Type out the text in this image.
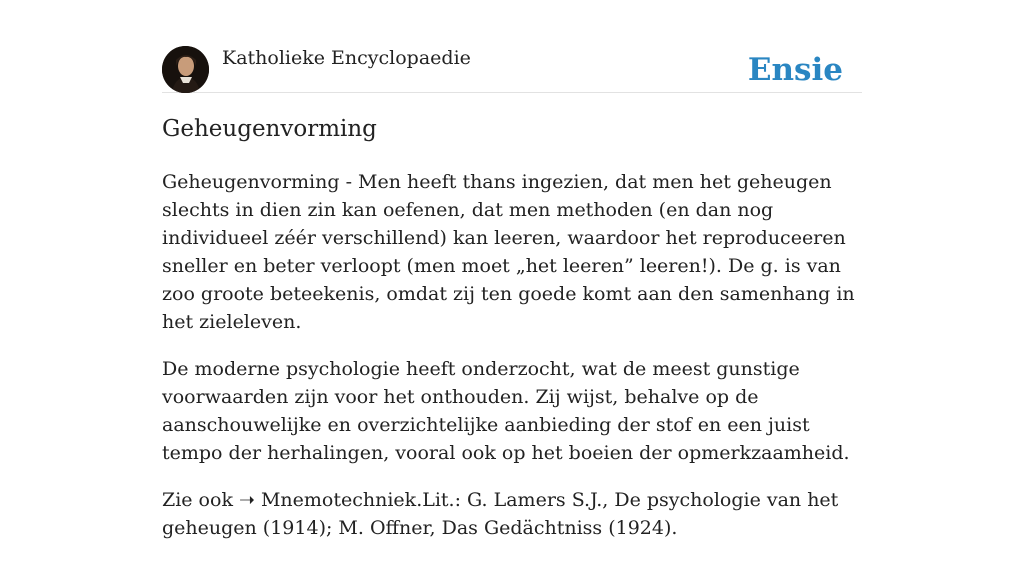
Katholieke Encyclopaedie	Ensie
Geheugenvorming

Geheugenvorming - Men heeft thans ingezien, dat men het geheugen slechts in dien zin kan oefenen, dat men methoden (en dan nog individueel zéér verschillend) kan leeren, waardoor het reproduceeren sneller en beter verloopt (men moet „het leeren” leeren!). De g. is van zoo groote beteekenis, omdat zij ten goede komt aan den samenhang in het zieleleven.

De moderne psychologie heeft onderzocht, wat de meest gunstige voorwaarden zijn voor het onthouden. Zij wijst, behalve op de aanschouwelijke en overzichtelijke aanbieding der stof en een juist tempo der herhalingen, vooral ook op het boeien der opmerkzaamheid.

Zie ook ➝ Mnemotechniek.Lit.: G. Lamers S.J., De psychologie van het geheugen (1914); M. Offner, Das Gedächtniss (1924).
